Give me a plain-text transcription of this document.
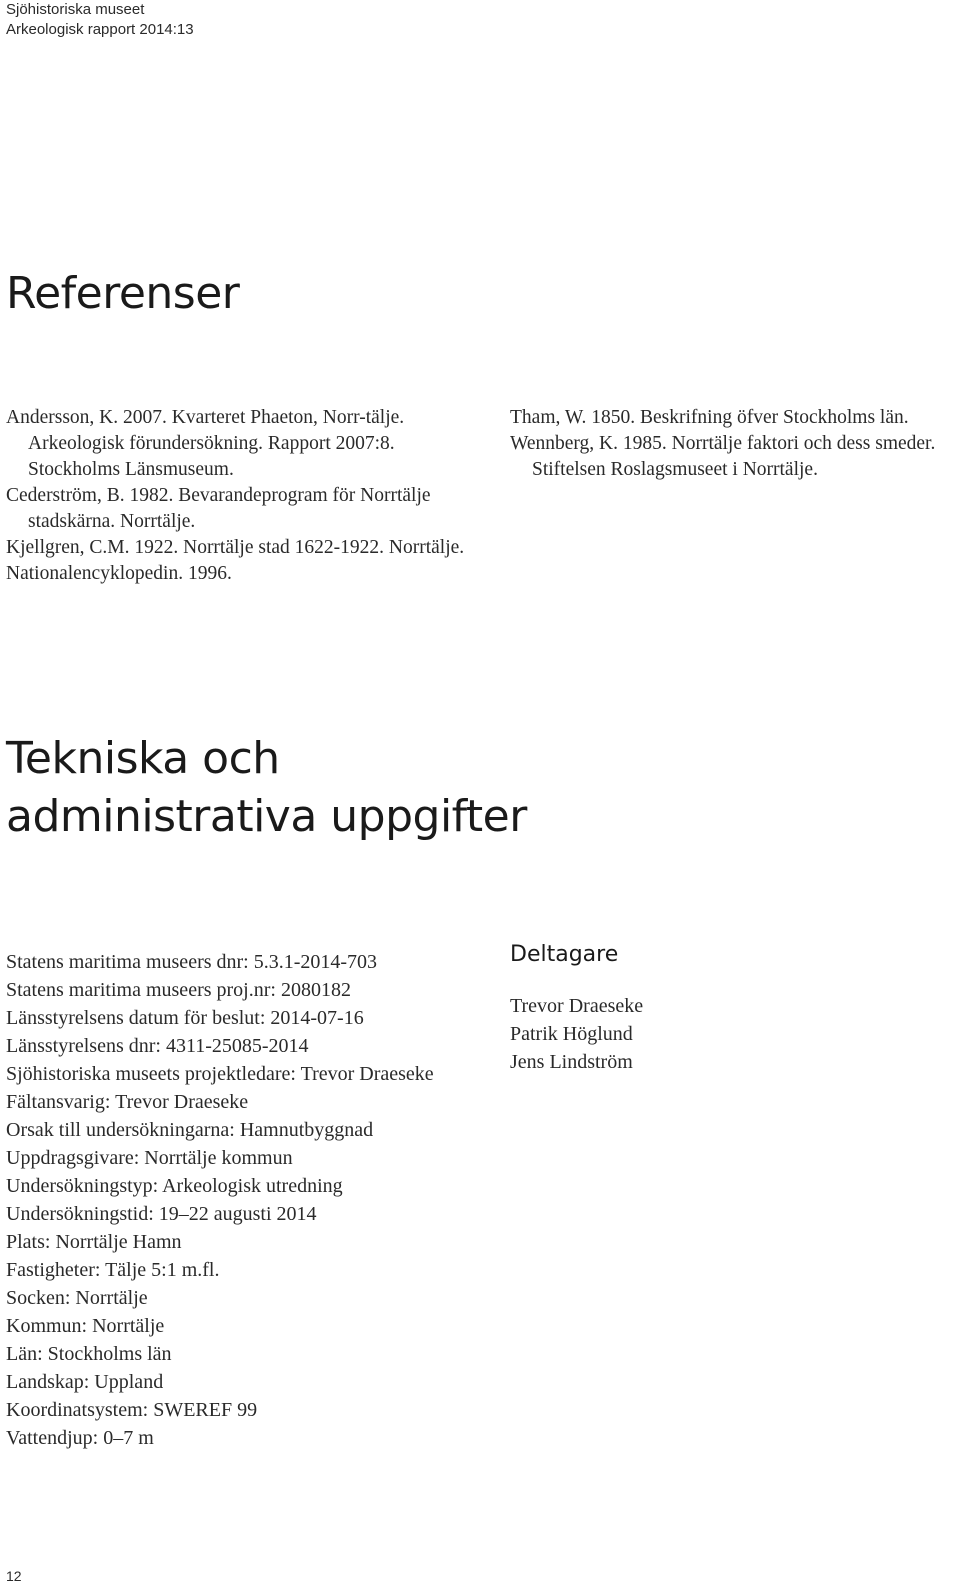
Sjöhistoriska museet
Arkeologisk rapport 2014:13
Referenser

Andersson, K. 2007. Kvarteret Phaeton, Norr-tälje. Arkeologisk förundersökning. Rapport 2007:8. Stockholms Länsmuseum.

Cederström, B. 1982. Bevarandeprogram för Norrtälje stadskärna. Norrtälje.

Kjellgren, C.M. 1922. Norrtälje stad 1622-1922. Norrtälje.

Nationalencyklopedin. 1996.

Tham, W. 1850. Beskrifning öfver Stockholms län.

Wennberg, K. 1985. Norrtälje faktori och dess smeder. Stiftelsen Roslagsmuseet i Norrtälje.

Tekniska och
administrativa uppgifter

Statens maritima museers dnr: 5.3.1-2014-703

Statens maritima museers proj.nr: 2080182

Länsstyrelsens datum för beslut: 2014-07-16

Länsstyrelsens dnr: 4311-25085-2014

Sjöhistoriska museets projektledare: Trevor Draeseke

Fältansvarig: Trevor Draeseke

Orsak till undersökningarna: Hamnutbyggnad

Uppdragsgivare: Norrtälje kommun

Undersökningstyp: Arkeologisk utredning

Undersökningstid: 19–22 augusti 2014

Plats: Norrtälje Hamn

Fastigheter: Tälje 5:1 m.fl.

Socken: Norrtälje

Kommun: Norrtälje

Län: Stockholms län

Landskap: Uppland

Koordinatsystem: SWEREF 99

Vattendjup: 0–7 m

Deltagare

Trevor Draeseke

Patrik Höglund

Jens Lindström

12
